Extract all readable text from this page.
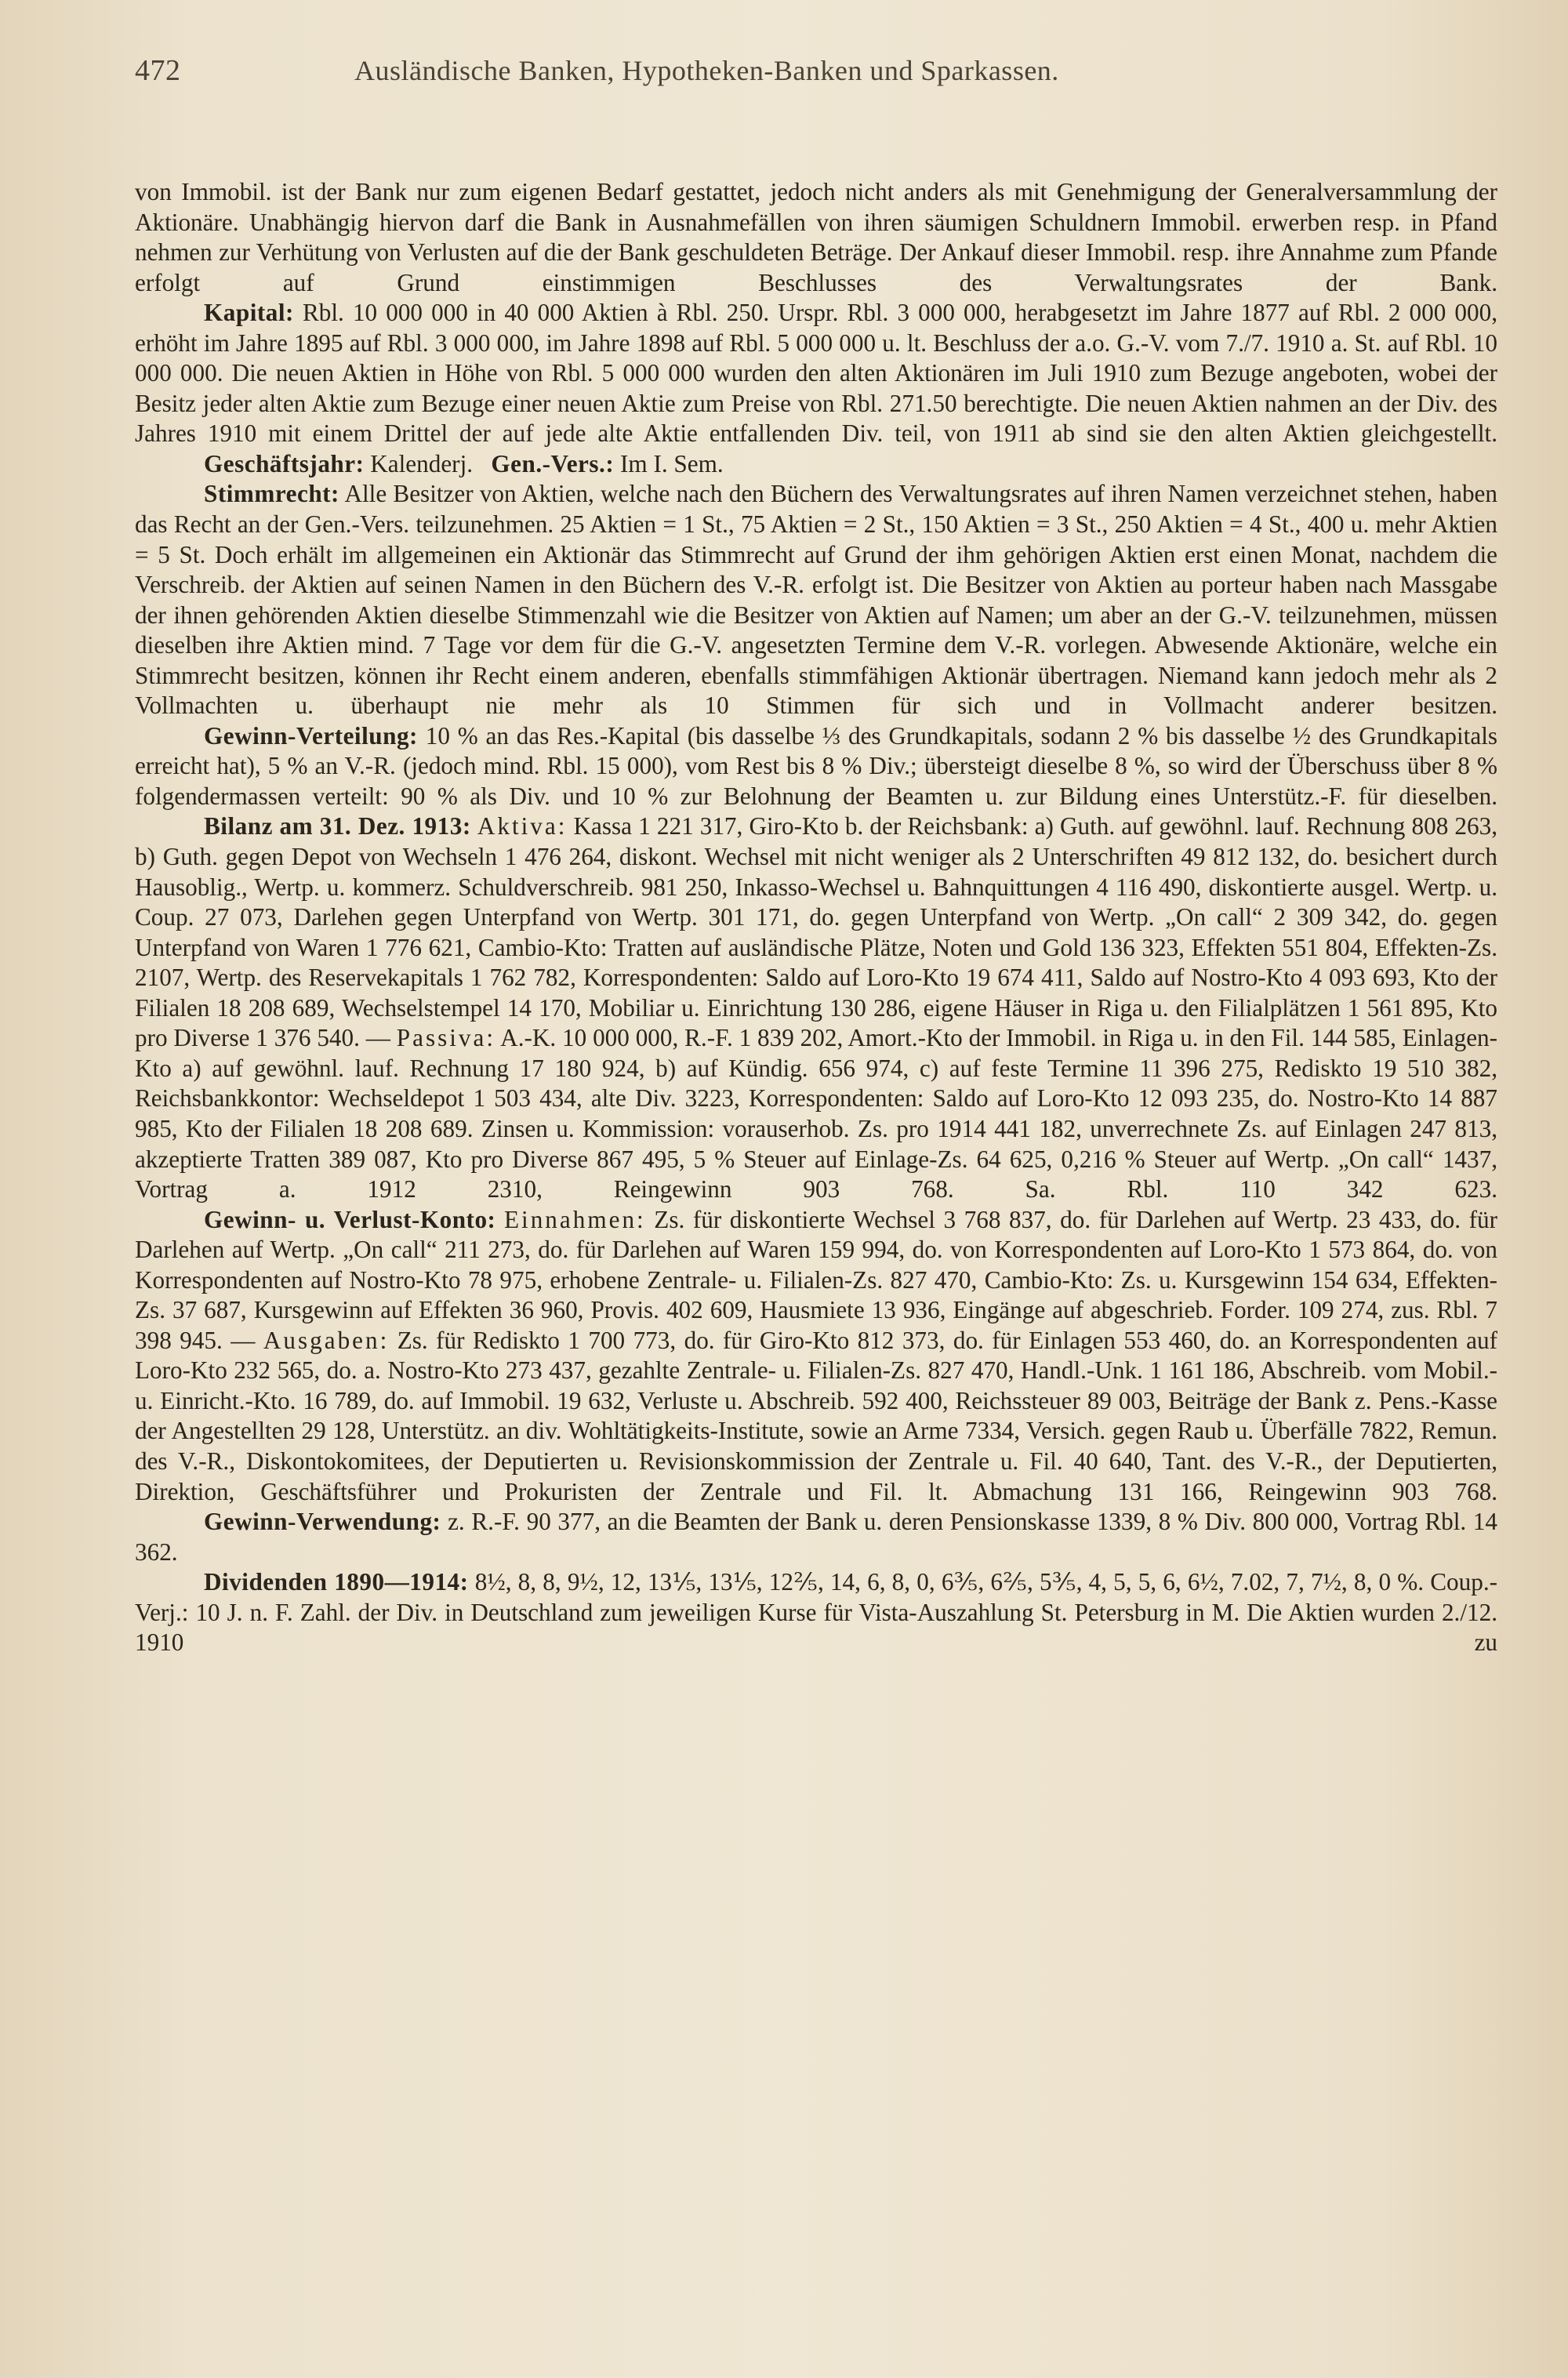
472	Ausländische Banken, Hypotheken-Banken und Sparkassen.

von Immobil. ist der Bank nur zum eigenen Bedarf gestattet, jedoch nicht anders als mit Genehmigung der Generalversammlung der Aktionäre. Unabhängig hiervon darf die Bank in Ausnahmefällen von ihren säumigen Schuldnern Immobil. erwerben resp. in Pfand nehmen zur Verhütung von Verlusten auf die der Bank geschuldeten Beträge. Der Ankauf dieser Immobil. resp. ihre Annahme zum Pfande erfolgt auf Grund einstimmigen Beschlusses des Verwaltungsrates der Bank.

Kapital: Rbl. 10 000 000 in 40 000 Aktien à Rbl. 250. Urspr. Rbl. 3 000 000, herabgesetzt im Jahre 1877 auf Rbl. 2 000 000, erhöht im Jahre 1895 auf Rbl. 3 000 000, im Jahre 1898 auf Rbl. 5 000 000 u. lt. Beschluss der a.o. G.-V. vom 7./7. 1910 a. St. auf Rbl. 10 000 000. Die neuen Aktien in Höhe von Rbl. 5 000 000 wurden den alten Aktionären im Juli 1910 zum Bezuge angeboten, wobei der Besitz jeder alten Aktie zum Bezuge einer neuen Aktie zum Preise von Rbl. 271.50 berechtigte. Die neuen Aktien nahmen an der Div. des Jahres 1910 mit einem Drittel der auf jede alte Aktie entfallenden Div. teil, von 1911 ab sind sie den alten Aktien gleichgestellt.

Geschäftsjahr: Kalenderj. Gen.-Vers.: Im I. Sem.

Stimmrecht: Alle Besitzer von Aktien, welche nach den Büchern des Verwaltungsrates auf ihren Namen verzeichnet stehen, haben das Recht an der Gen.-Vers. teilzunehmen. 25 Aktien = 1 St., 75 Aktien = 2 St., 150 Aktien = 3 St., 250 Aktien = 4 St., 400 u. mehr Aktien = 5 St. Doch erhält im allgemeinen ein Aktionär das Stimmrecht auf Grund der ihm gehörigen Aktien erst einen Monat, nachdem die Verschreib. der Aktien auf seinen Namen in den Büchern des V.-R. erfolgt ist. Die Besitzer von Aktien au porteur haben nach Massgabe der ihnen gehörenden Aktien dieselbe Stimmenzahl wie die Besitzer von Aktien auf Namen; um aber an der G.-V. teilzunehmen, müssen dieselben ihre Aktien mind. 7 Tage vor dem für die G.-V. angesetzten Termine dem V.-R. vorlegen. Abwesende Aktionäre, welche ein Stimmrecht besitzen, können ihr Recht einem anderen, ebenfalls stimmfähigen Aktionär übertragen. Niemand kann jedoch mehr als 2 Vollmachten u. überhaupt nie mehr als 10 Stimmen für sich und in Vollmacht anderer besitzen.

Gewinn-Verteilung: 10 % an das Res.-Kapital (bis dasselbe ⅓ des Grundkapitals, sodann 2 % bis dasselbe ½ des Grundkapitals erreicht hat), 5 % an V.-R. (jedoch mind. Rbl. 15 000), vom Rest bis 8 % Div.; übersteigt dieselbe 8 %, so wird der Überschuss über 8 % folgendermassen verteilt: 90 % als Div. und 10 % zur Belohnung der Beamten u. zur Bildung eines Unterstütz.-F. für dieselben.

Bilanz am 31. Dez. 1913: Aktiva: Kassa 1 221 317, Giro-Kto b. der Reichsbank: a) Guth. auf gewöhnl. lauf. Rechnung 808 263, b) Guth. gegen Depot von Wechseln 1 476 264, diskont. Wechsel mit nicht weniger als 2 Unterschriften 49 812 132, do. besichert durch Hausoblig., Wertp. u. kommerz. Schuldverschreib. 981 250, Inkasso-Wechsel u. Bahnquittungen 4 116 490, diskontierte ausgel. Wertp. u. Coup. 27 073, Darlehen gegen Unterpfand von Wertp. 301 171, do. gegen Unterpfand von Wertp. „On call“ 2 309 342, do. gegen Unterpfand von Waren 1 776 621, Cambio-Kto: Tratten auf ausländische Plätze, Noten und Gold 136 323, Effekten 551 804, Effekten-Zs. 2107, Wertp. des Reservekapitals 1 762 782, Korrespondenten: Saldo auf Loro-Kto 19 674 411, Saldo auf Nostro-Kto 4 093 693, Kto der Filialen 18 208 689, Wechselstempel 14 170, Mobiliar u. Einrichtung 130 286, eigene Häuser in Riga u. den Filialplätzen 1 561 895, Kto pro Diverse 1 376 540. — Passiva: A.-K. 10 000 000, R.-F. 1 839 202, Amort.-Kto der Immobil. in Riga u. in den Fil. 144 585, Einlagen-Kto a) auf gewöhnl. lauf. Rechnung 17 180 924, b) auf Kündig. 656 974, c) auf feste Termine 11 396 275, Rediskto 19 510 382, Reichsbankkontor: Wechseldepot 1 503 434, alte Div. 3223, Korrespondenten: Saldo auf Loro-Kto 12 093 235, do. Nostro-Kto 14 887 985, Kto der Filialen 18 208 689. Zinsen u. Kommission: vorauserhob. Zs. pro 1914 441 182, unverrechnete Zs. auf Einlagen 247 813, akzeptierte Tratten 389 087, Kto pro Diverse 867 495, 5 % Steuer auf Einlage-Zs. 64 625, 0,216 % Steuer auf Wertp. „On call“ 1437, Vortrag a. 1912 2310, Reingewinn 903 768. Sa. Rbl. 110 342 623.

Gewinn- u. Verlust-Konto: Einnahmen: Zs. für diskontierte Wechsel 3 768 837, do. für Darlehen auf Wertp. 23 433, do. für Darlehen auf Wertp. „On call“ 211 273, do. für Darlehen auf Waren 159 994, do. von Korrespondenten auf Loro-Kto 1 573 864, do. von Korrespondenten auf Nostro-Kto 78 975, erhobene Zentrale- u. Filialen-Zs. 827 470, Cambio-Kto: Zs. u. Kursgewinn 154 634, Effekten-Zs. 37 687, Kursgewinn auf Effekten 36 960, Provis. 402 609, Hausmiete 13 936, Eingänge auf abgeschrieb. Forder. 109 274, zus. Rbl. 7 398 945. — Ausgaben: Zs. für Rediskto 1 700 773, do. für Giro-Kto 812 373, do. für Einlagen 553 460, do. an Korrespondenten auf Loro-Kto 232 565, do. a. Nostro-Kto 273 437, gezahlte Zentrale- u. Filialen-Zs. 827 470, Handl.-Unk. 1 161 186, Abschreib. vom Mobil.- u. Einricht.-Kto. 16 789, do. auf Immobil. 19 632, Verluste u. Abschreib. 592 400, Reichssteuer 89 003, Beiträge der Bank z. Pens.-Kasse der Angestellten 29 128, Unterstütz. an div. Wohltätigkeits-Institute, sowie an Arme 7334, Versich. gegen Raub u. Überfälle 7822, Remun. des V.-R., Diskontokomitees, der Deputierten u. Revisionskommission der Zentrale u. Fil. 40 640, Tant. des V.-R., der Deputierten, Direktion, Geschäftsführer und Prokuristen der Zentrale und Fil. lt. Abmachung 131 166, Reingewinn 903 768.

Gewinn-Verwendung: z. R.-F. 90 377, an die Beamten der Bank u. deren Pensionskasse 1339, 8 % Div. 800 000, Vortrag Rbl. 14 362.

Dividenden 1890—1914: 8½, 8, 8, 9½, 12, 13⅕, 13⅕, 12⅖, 14, 6, 8, 0, 6⅗, 6⅖, 5⅗, 4, 5, 5, 6, 6½, 7.02, 7, 7½, 8, 0 %. Coup.-Verj.: 10 J. n. F. Zahl. der Div. in Deutschland zum jeweiligen Kurse für Vista-Auszahlung St. Petersburg in M. Die Aktien wurden 2./12. 1910 zu
